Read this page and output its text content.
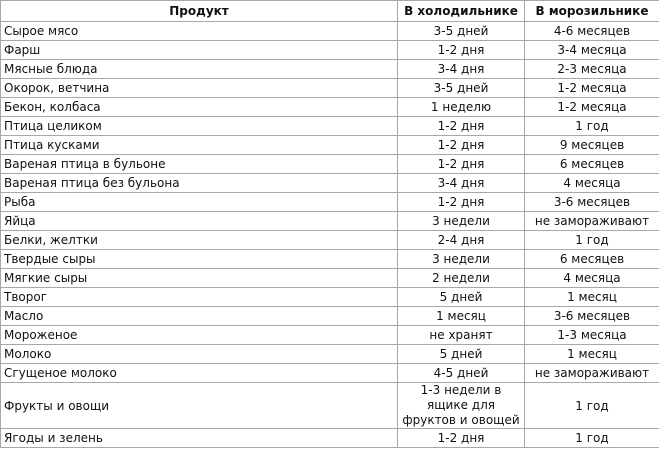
Продукт	В холодильнике	В морозильнике
Сырое мясо	3-5 дней	4-6 месяцев
Фарш	1-2 дня	3-4 месяца
Мясные блюда	3-4 дня	2-3 месяца
Окорок, ветчина	3-5 дней	1-2 месяца
Бекон, колбаса	1 неделю	1-2 месяца
Птица целиком	1-2 дня	1 год
Птица кусками	1-2 дня	9 месяцев
Вареная птица в бульоне	1-2 дня	6 месяцев
Вареная птица без бульона	3-4 дня	4 месяца
Рыба	1-2 дня	3-6 месяцев
Яйца	3 недели	не замораживают
Белки, желтки	2-4 дня	1 год
Твердые сыры	3 недели	6 месяцев
Мягкие сыры	2 недели	4 месяца
Творог	5 дней	1 месяц
Масло	1 месяц	3-6 месяцев
Мороженое	не хранят	1-3 месяца
Молоко	5 дней	1 месяц
Сгущеное молоко	4-5 дней	не замораживают
Фрукты и овощи	1-3 недели в ящике для фруктов и овощей	1 год
Ягоды и зелень	1-2 дня	1 год
